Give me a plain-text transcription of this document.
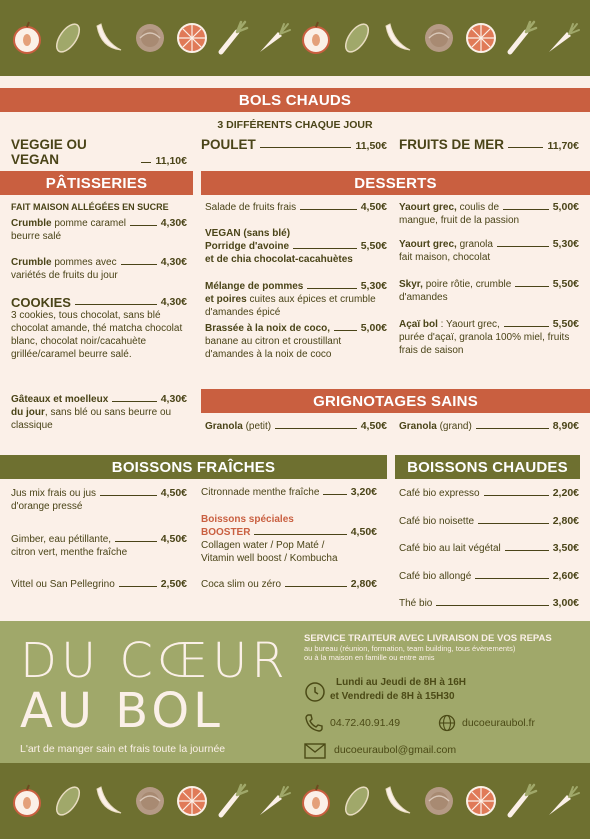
BOLS CHAUDS
3 DIFFÉRENTS CHAQUE JOUR
VEGGIE OU VEGAN	11,10€
POULET	11,50€ FRUITS DE MER	11,70€
PÂTISSERIES
FAIT MAISON ALLÉGÉES EN SUCRE
Crumble pomme caramel	4,30€
beurre salé
Crumble pommes avec	4,30€
variétés de fruits du jour
COOKIES	4,30€
3 cookies, tous chocolat, sans blé chocolat amande, thé matcha chocolat blanc, chocolat noir/cacahuète grillée/caramel beurre salé.
Gâteaux et moelleux	4,30€
du jour, sans blé ou sans beurre ou classique
DESSERTS
Salade de fruits frais	4,50€
VEGAN (sans blé)
Porridge d'avoine	5,50€
et de chia chocolat-cacahuètes
Mélange de pommes	5,30€
et poires cuites aux épices et crumble d'amandes épicé
Brassée à la noix de coco,	5,00€
banane au citron et croustillant d'amandes à la noix de coco
Yaourt grec, coulis de	5,00€
mangue, fruit de la passion
Yaourt grec, granola	5,30€
fait maison, chocolat
Skyr, poire rôtie, crumble	5,50€
d'amandes
Açaï bol : Yaourt grec,	5,50€
purée d'açaï, granola 100% miel, fruits frais de saison
GRIGNOTAGES SAINS
Granola (petit)	4,50€ Granola (grand)	8,90€
BOISSONS FRAÎCHES
Jus mix frais ou jus	4,50€
d'orange pressé
Gimber, eau pétillante,	4,50€
citron vert, menthe fraîche
Vittel ou San Pellegrino	2,50€
Citronnade menthe fraîche	3,20€
Boissons spéciales
BOOSTER	4,50€
Collagen water / Pop Maté /
Vitamin well boost / Kombucha
Coca slim ou zéro	2,80€
BOISSONS CHAUDES
Café bio expresso	2,20€
Café bio noisette	2,80€
Café bio au lait végétal	3,50€
Café bio allongé	2,60€
Thé bio	3,00€
DU CŒUR
AU BOL
L'art de manger sain et frais toute la journée
SERVICE TRAITEUR AVEC LIVRAISON DE VOS REPAS
au bureau (réunion, formation, team building, tous évènements)
ou à la maison en famille ou entre amis
Lundi au Jeudi de 8H à 16H
et Vendredi de 8H à 15H30
04.72.40.91.49	ducoeuraubol.fr
ducoeuraubol@gmail.com
